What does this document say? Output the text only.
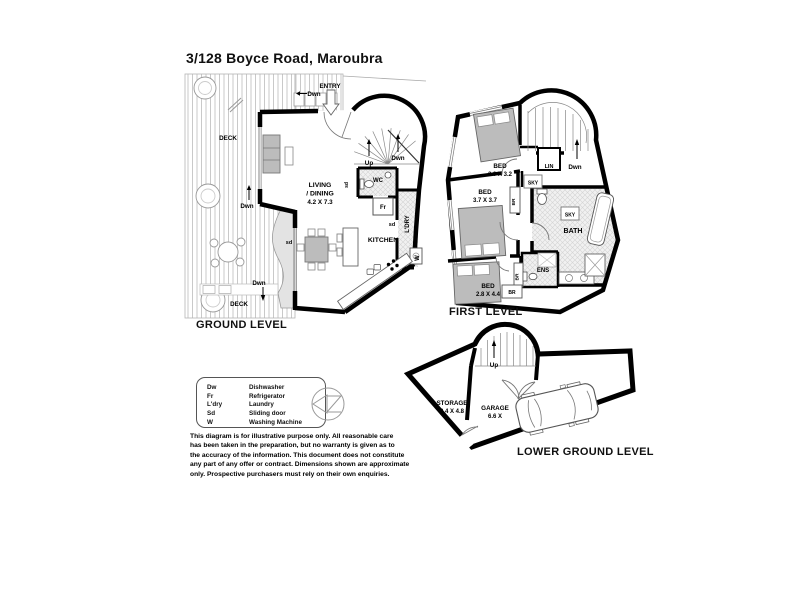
3/128 Boyce Road, Maroubra
ENTRY
Dwn
DECK
DECK
Dwn
Dwn
Up
Dwn
WC
LIVING
/ DINING
4.2 X 7.3
KITCHEN
Fr
sd
sd
sd
L'DRY
W
GROUND LEVEL
BED
2.9 X 3.2
BED
3.7 X 3.7
BED
2.8 X 4.4
BATH
ENS
LIN
SKY
SKY
BR
BR
BR
Dwn
FIRST LEVEL
STORAGE
3.4 X 4.8	GARAGE
6.6 X
Up
LOWER GROUND LEVEL
Dw	Dishwasher
Fr	Refrigerator
L'dry	Laundry
Sd	Sliding door
W	Washing Machine
This diagram is for illustrative purpose only. All reasonable care
has been taken in the preparation, but no warranty is given as to
the accuracy of the information. This document does not constitute
any part of any offer or contract. Dimensions shown are approximate
only. Prospective purchasers must rely on their own enquiries.
